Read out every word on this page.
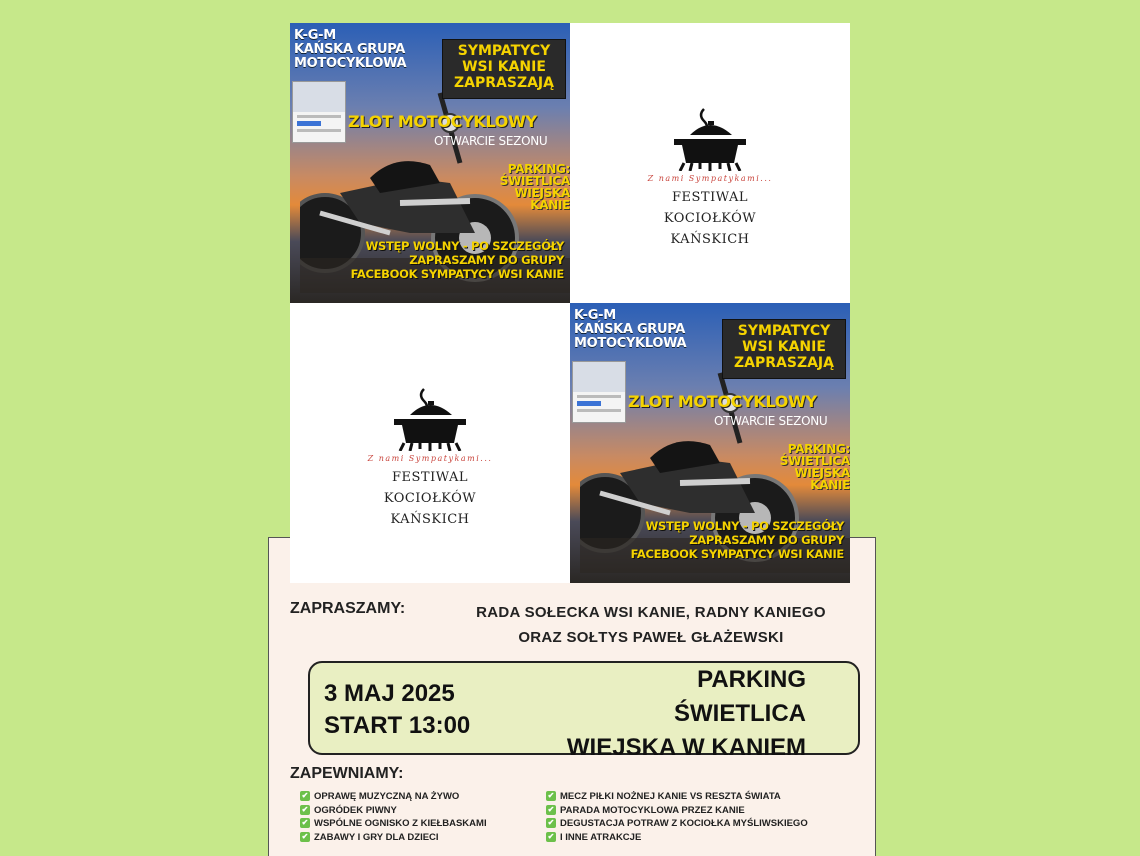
K-G-M
KAŃSKA GRUPA
MOTOCYKLOWA
SYMPATYCY
WSI KANIE
ZAPRASZAJĄ
ZLOT MOTOCYKLOWY
OTWARCIE SEZONU
PARKING:
ŚWIETLICA
WIEJSKA KANIE
WSTĘP WOLNY - PO SZCZEGÓŁY
ZAPRASZAMY DO GRUPY
FACEBOOK SYMPATYCY WSI KANIE
Z nami Sympatykami...
FESTIWAL
KOCIOŁKÓW
KAŃSKICH
Z nami Sympatykami...
FESTIWAL
KOCIOŁKÓW
KAŃSKICH
K-G-M
KAŃSKA GRUPA
MOTOCYKLOWA
SYMPATYCY
WSI KANIE
ZAPRASZAJĄ
ZLOT MOTOCYKLOWY
OTWARCIE SEZONU
PARKING:
ŚWIETLICA
WIEJSKA KANIE
WSTĘP WOLNY - PO SZCZEGÓŁY
ZAPRASZAMY DO GRUPY
FACEBOOK SYMPATYCY WSI KANIE
ZAPRASZAMY:	RADA SOŁECKA WSI KANIE, RADNY KANIEGO
ORAZ SOŁTYS PAWEŁ GŁAŻEWSKI
3 MAJ 2025
START 13:00
PARKING
ŚWIETLICA
WIEJSKA W KANIEM
ZAPEWNIAMY:
✔ OPRAWĘ MUZYCZNĄ NA ŻYWO
✔ OGRÓDEK PIWNY
✔ WSPÓLNE OGNISKO Z KIEŁBASKAMI
✔ ZABAWY I GRY DLA DZIECI
✔ MECZ PIŁKI NOŻNEJ KANIE VS RESZTA ŚWIATA
✔ PARADA MOTOCYKLOWA PRZEZ KANIE
✔ DEGUSTACJA POTRAW Z KOCIOŁKA MYŚLIWSKIEGO
✔ I INNE ATRAKCJE
